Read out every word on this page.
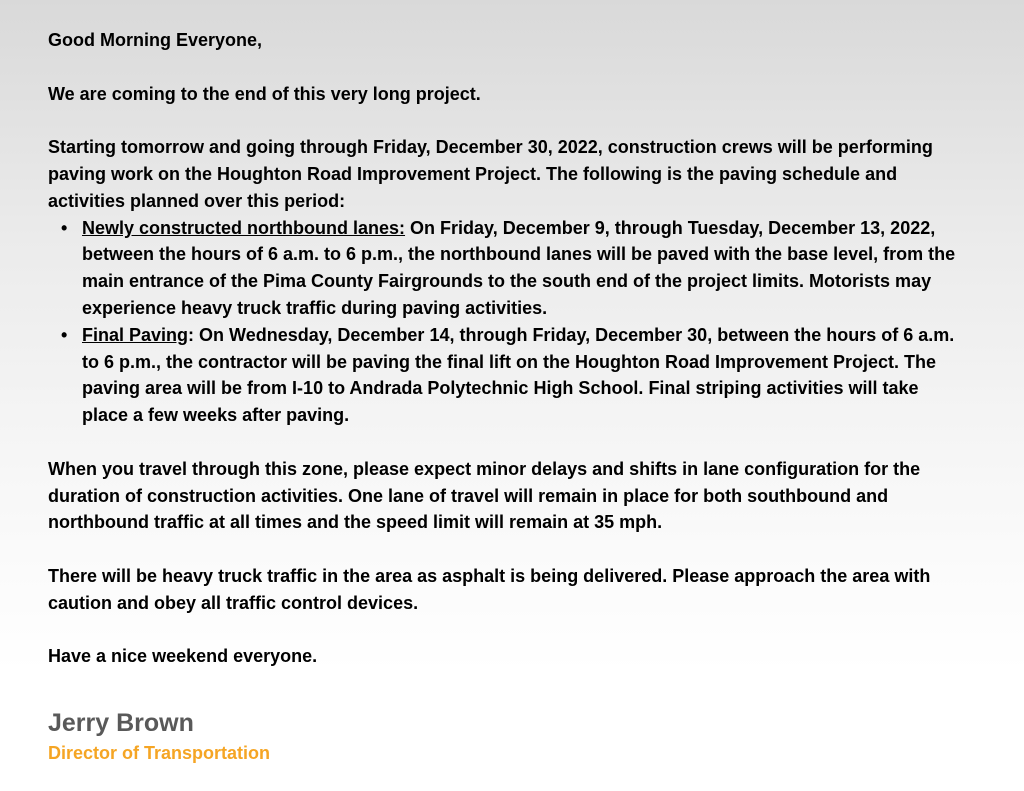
Good Morning Everyone,

We are coming to the end of this very long project.

Starting tomorrow and going through Friday, December 30, 2022, construction crews will be performing paving work on the Houghton Road Improvement Project. The following is the paving schedule and activities planned over this period:

• Newly constructed northbound lanes: On Friday, December 9, through Tuesday, December 13, 2022, between the hours of 6 a.m. to 6 p.m., the northbound lanes will be paved with the base level, from the main entrance of the Pima County Fairgrounds to the south end of the project limits. Motorists may experience heavy truck traffic during paving activities.
• Final Paving: On Wednesday, December 14, through Friday, December 30, between the hours of 6 a.m. to 6 p.m., the contractor will be paving the final lift on the Houghton Road Improvement Project. The paving area will be from I-10 to Andrada Polytechnic High School. Final striping activities will take place a few weeks after paving.

When you travel through this zone, please expect minor delays and shifts in lane configuration for the duration of construction activities. One lane of travel will remain in place for both southbound and northbound traffic at all times and the speed limit will remain at 35 mph.

There will be heavy truck traffic in the area as asphalt is being delivered. Please approach the area with caution and obey all traffic control devices.

Have a nice weekend everyone.

Jerry Brown
Director of Transportation
